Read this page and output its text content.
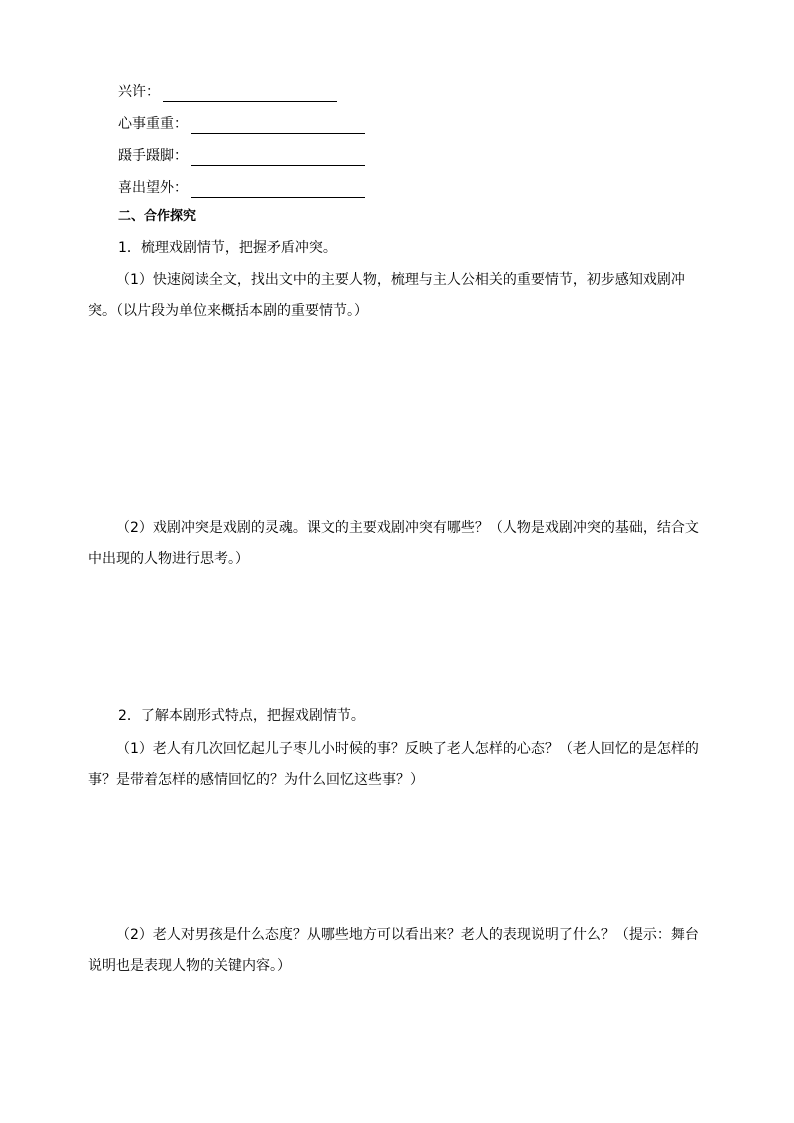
兴许：
心事重重：
蹑手蹑脚：
喜出望外：
二、合作探究
1．梳理戏剧情节，把握矛盾冲突。
（1）快速阅读全文，找出文中的主要人物，梳理与主人公相关的重要情节，初步感知戏剧冲突。（以片段为单位来概括本剧的重要情节。）
（2）戏剧冲突是戏剧的灵魂。课文的主要戏剧冲突有哪些？（人物是戏剧冲突的基础，结合文中出现的人物进行思考。）
2．了解本剧形式特点，把握戏剧情节。
（1）老人有几次回忆起儿子枣儿小时候的事？反映了老人怎样的心态？（老人回忆的是怎样的事？是带着怎样的感情回忆的？为什么回忆这些事？）
（2）老人对男孩是什么态度？从哪些地方可以看出来？老人的表现说明了什么？（提示：舞台说明也是表现人物的关键内容。）
